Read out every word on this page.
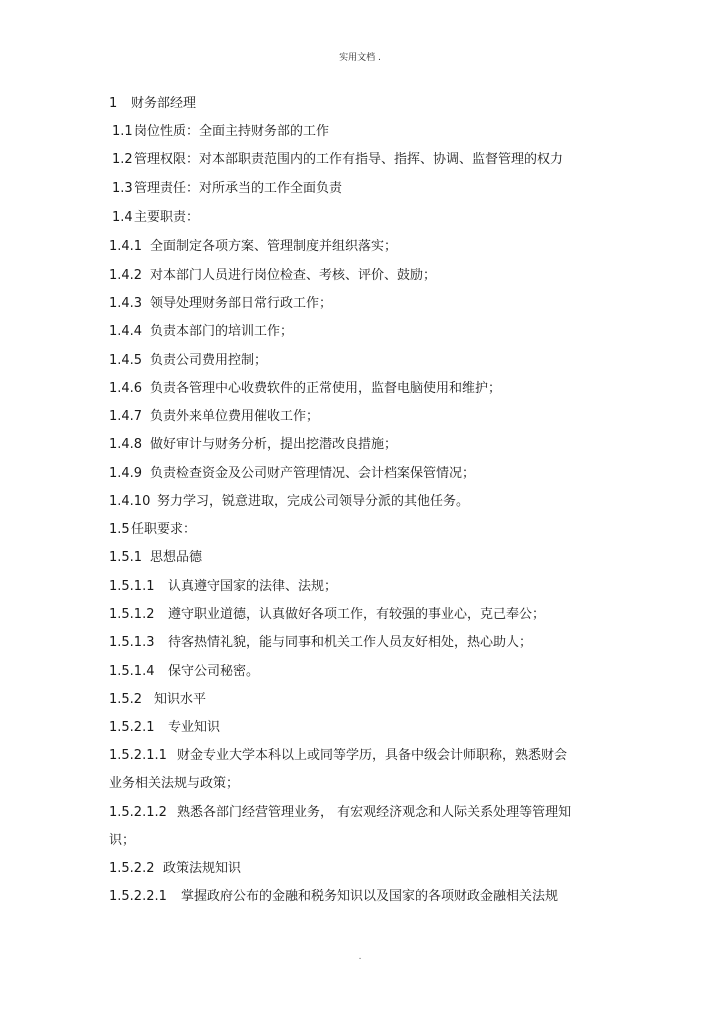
实用文档 .
1 财务部经理
1.1 岗位性质：全面主持财务部的工作
1.2 管理权限：对本部职责范围内的工作有指导、指挥、协调、监督管理的权力
1.3 管理责任：对所承当的工作全面负责
1.4 主要职责：
1.4.1 全面制定各项方案、管理制度并组织落实；
1.4.2 对本部门人员进行岗位检查、考核、评价、鼓励；
1.4.3 领导处理财务部日常行政工作；
1.4.4 负责本部门的培训工作；
1.4.5 负责公司费用控制；
1.4.6 负责各管理中心收费软件的正常使用，监督电脑使用和维护；
1.4.7 负责外来单位费用催收工作；
1.4.8 做好审计与财务分析，提出挖潜改良措施；
1.4.9 负责检查资金及公司财产管理情况、会计档案保管情况；
1.4.10 努力学习，锐意进取，完成公司领导分派的其他任务。
1.5 任职要求：
1.5.1 思想品德
1.5.1.1 认真遵守国家的法律、法规；
1.5.1.2 遵守职业道德，认真做好各项工作，有较强的事业心，克己奉公；
1.5.1.3 待客热情礼貌，能与同事和机关工作人员友好相处，热心助人；
1.5.1.4 保守公司秘密。
1.5.2 知识水平
1.5.2.1 专业知识
1.5.2.1.1 财金专业大学本科以上或同等学历，具备中级会计师职称，熟悉财会
业务相关法规与政策；
1.5.2.1.2 熟悉各部门经营管理业务， 有宏观经济观念和人际关系处理等管理知
识；
1.5.2.2 政策法规知识
1.5.2.2.1 掌握政府公布的金融和税务知识以及国家的各项财政金融相关法规
.
